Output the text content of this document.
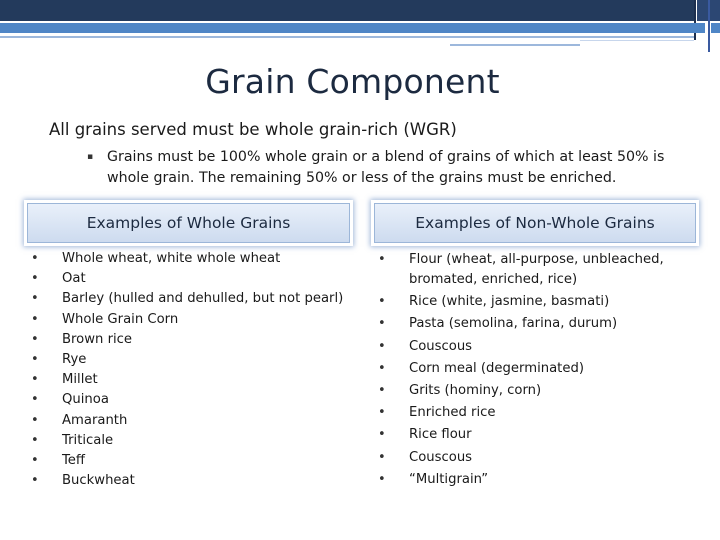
Grain Component

All grains served must be whole grain-rich (WGR)

▪ Grains must be 100% whole grain or a blend of grains of which at least 50% is whole grain. The remaining 50% or less of the grains must be enriched.
Examples of Whole Grains	Examples of Non-Whole Grains
• Whole wheat, white whole wheat
• Oat
• Barley (hulled and dehulled, but not pearl)
• Whole Grain Corn
• Brown rice
• Rye
• Millet
• Quinoa
• Amaranth
• Triticale
• Teff
• Buckwheat
• Flour (wheat, all-purpose, unbleached, bromated, enriched, rice)
• Rice (white, jasmine, basmati)
• Pasta (semolina, farina, durum)
• Couscous
• Corn meal (degerminated)
• Grits (hominy, corn)
• Enriched rice
• Rice flour
• Couscous
• “Multigrain”
